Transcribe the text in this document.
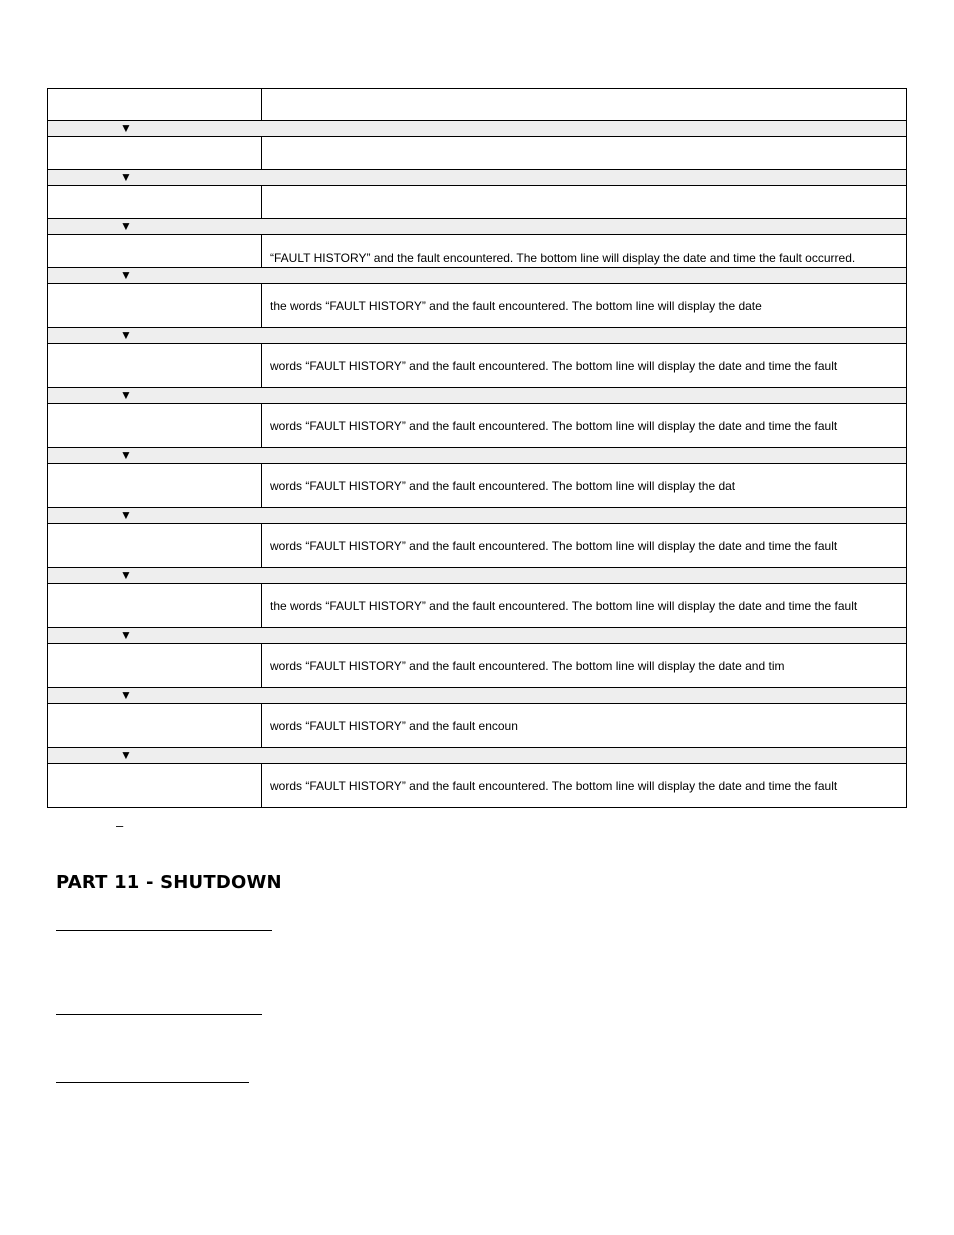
▼
▼
▼
“FAULT HISTORY” and the fault encountered. The bottom line will display the date and time the fault occurred.
▼
the words “FAULT HISTORY” and the fault encountered. The bottom line will display the date
▼
words “FAULT HISTORY” and the fault encountered. The bottom line will display the date and time the fault
▼
words “FAULT HISTORY” and the fault encountered. The bottom line will display the date and time the fault
▼
words “FAULT HISTORY” and the fault encountered. The bottom line will display the dat
▼
words “FAULT HISTORY” and the fault encountered. The bottom line will display the date and time the fault
▼
the words “FAULT HISTORY” and the fault encountered. The bottom line will display the date and time the fault
▼
words “FAULT HISTORY” and the fault encountered. The bottom line will display the date and tim
▼
words “FAULT HISTORY” and the fault encoun
▼
words “FAULT HISTORY” and the fault encountered. The bottom line will display the date and time the fault
–
PART 11 - SHUTDOWN
